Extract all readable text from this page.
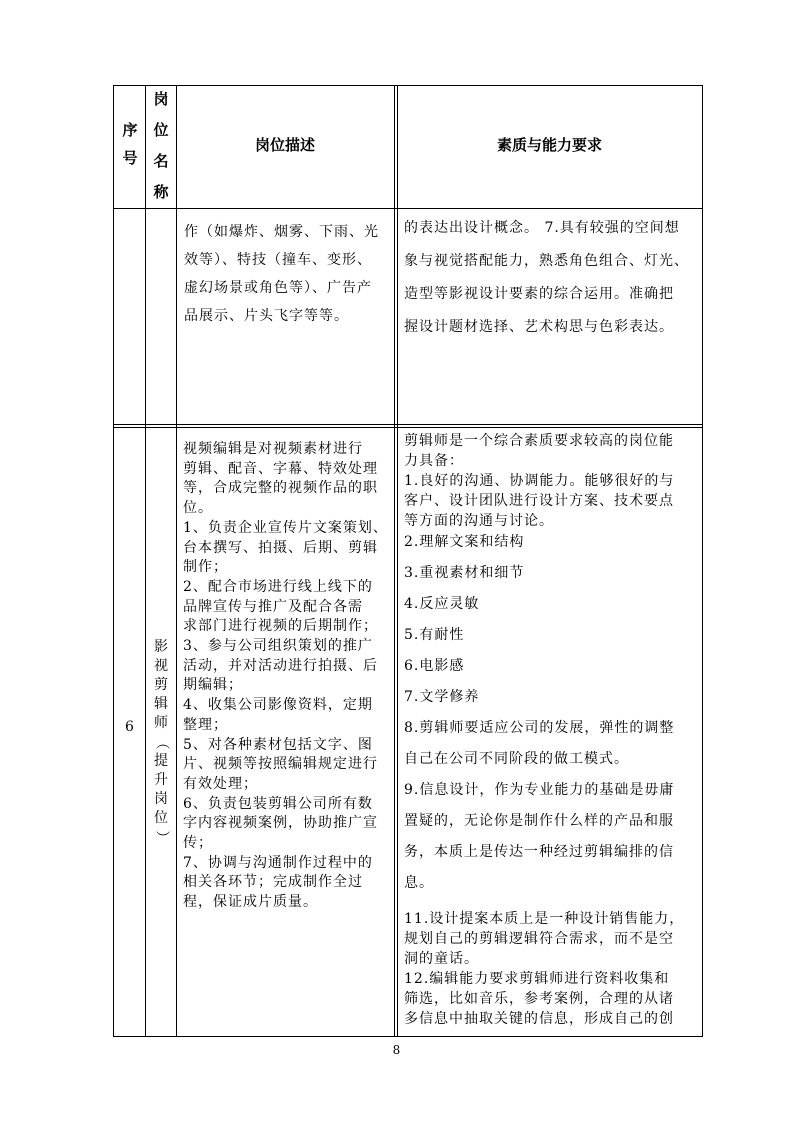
序
号
岗
位
名
称
岗位描述	素质与能力要求
作（如爆炸、烟雾、下雨、光
效等）、特技（撞车、变形、
虚幻场景或角色等）、广告产
品展示、片头飞字等等。
的表达出设计概念。 7.具有较强的空间想
象与视觉搭配能力，熟悉角色组合、灯光、
造型等影视设计要素的综合运用。准确把
握设计题材选择、艺术构思与色彩表达。
6
影
视
剪
辑
师
（
提
升
岗
位
）
视频编辑是对视频素材进行
剪辑、配音、字幕、特效处理
等，合成完整的视频作品的职
位。
1、负责企业宣传片文案策划、
台本撰写、拍摄、后期、剪辑
制作；
2、配合市场进行线上线下的
品牌宣传与推广及配合各需
求部门进行视频的后期制作；
3、参与公司组织策划的推广
活动，并对活动进行拍摄、后
期编辑；
4、收集公司影像资料，定期
整理；
5、对各种素材包括文字、图
片、视频等按照编辑规定进行
有效处理；
6、负责包装剪辑公司所有数
字内容视频案例，协助推广宣
传；
7、协调与沟通制作过程中的
相关各环节；完成制作全过
程，保证成片质量。
剪辑师是一个综合素质要求较高的岗位能
力具备：
1.良好的沟通、协调能力。能够很好的与
客户、设计团队进行设计方案、技术要点
等方面的沟通与讨论。
2.理解文案和结构
3.重视素材和细节
4.反应灵敏
5.有耐性
6.电影感
7.文学修养
8.剪辑师要适应公司的发展，弹性的调整
自己在公司不同阶段的做工模式。
9.信息设计，作为专业能力的基础是毋庸
置疑的，无论你是制作什么样的产品和服
务，本质上是传达一种经过剪辑编排的信
息。
11.设计提案本质上是一种设计销售能力，
规划自己的剪辑逻辑符合需求，而不是空
洞的童话。
12.编辑能力要求剪辑师进行资料收集和
筛选，比如音乐，参考案例，合理的从诸
多信息中抽取关键的信息，形成自己的创
8
